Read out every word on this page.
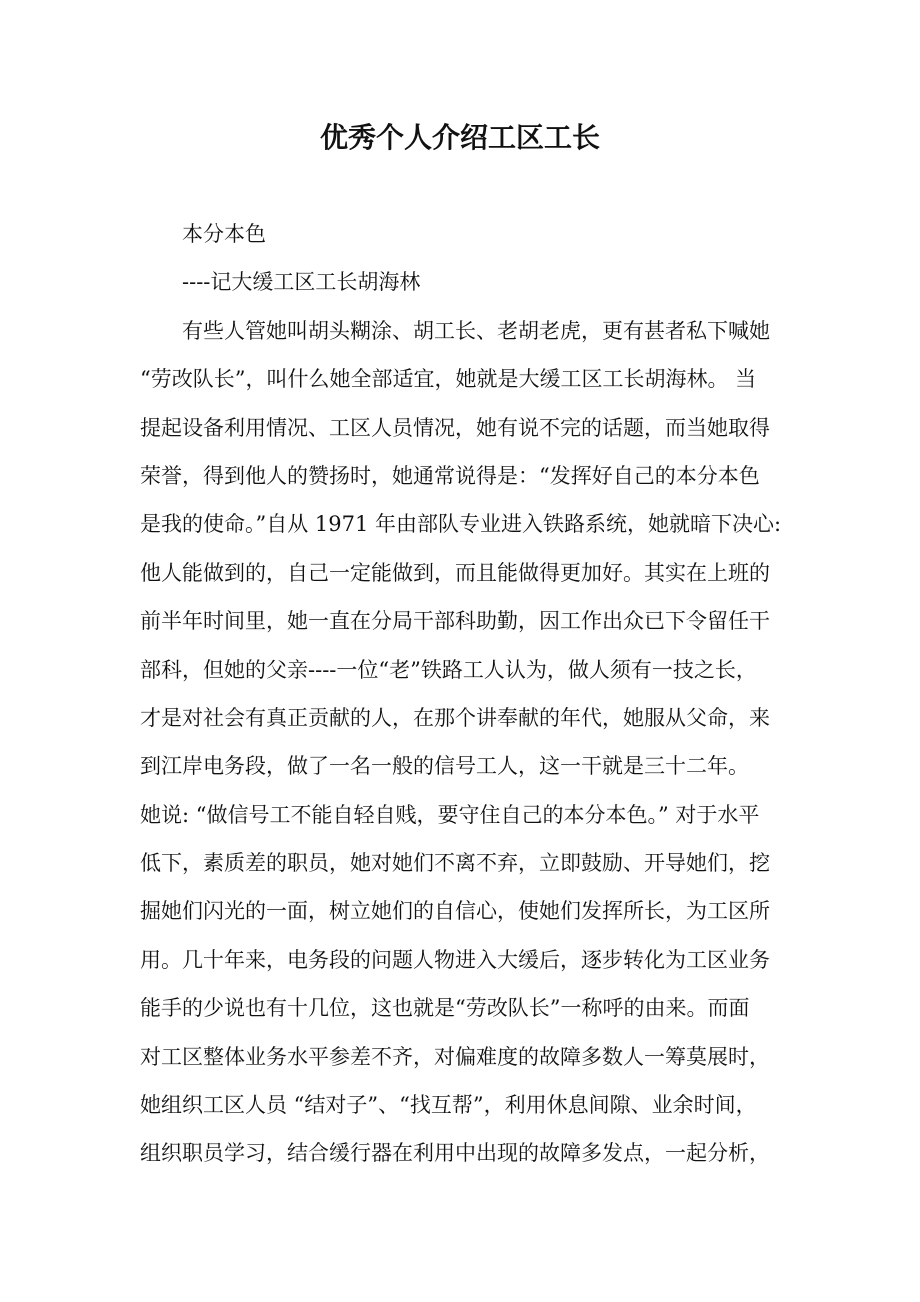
优秀个人介绍工区工长
本分本色
----记大缓工区工长胡海林
有些人管她叫胡头糊涂、胡工长、老胡老虎，更有甚者私下喊她
“劳改队长”，叫什么她全部适宜，她就是大缓工区工长胡海林。 当
提起设备利用情况、工区人员情况，她有说不完的话题，而当她取得
荣誉，得到他人的赞扬时，她通常说得是：“发挥好自己的本分本色
是我的使命。”自从 1971 年由部队专业进入铁路系统，她就暗下决心:
他人能做到的，自己一定能做到，而且能做得更加好。其实在上班的
前半年时间里，她一直在分局干部科助勤，因工作出众已下令留任干
部科，但她的父亲----一位“老”铁路工人认为，做人须有一技之长，
才是对社会有真正贡献的人，在那个讲奉献的年代，她服从父命，来
到江岸电务段，做了一名一般的信号工人，这一干就是三十二年。
她说: “做信号工不能自轻自贱，要守住自己的本分本色。” 对于水平
低下，素质差的职员，她对她们不离不弃，立即鼓励、开导她们，挖
掘她们闪光的一面，树立她们的自信心，使她们发挥所长，为工区所
用。几十年来，电务段的问题人物进入大缓后，逐步转化为工区业务
能手的少说也有十几位，这也就是“劳改队长”一称呼的由来。而面
对工区整体业务水平参差不齐，对偏难度的故障多数人一筹莫展时，
她组织工区人员 “结对子”、“找互帮”，利用休息间隙、业余时间，
组织职员学习，结合缓行器在利用中出现的故障多发点，一起分析，
